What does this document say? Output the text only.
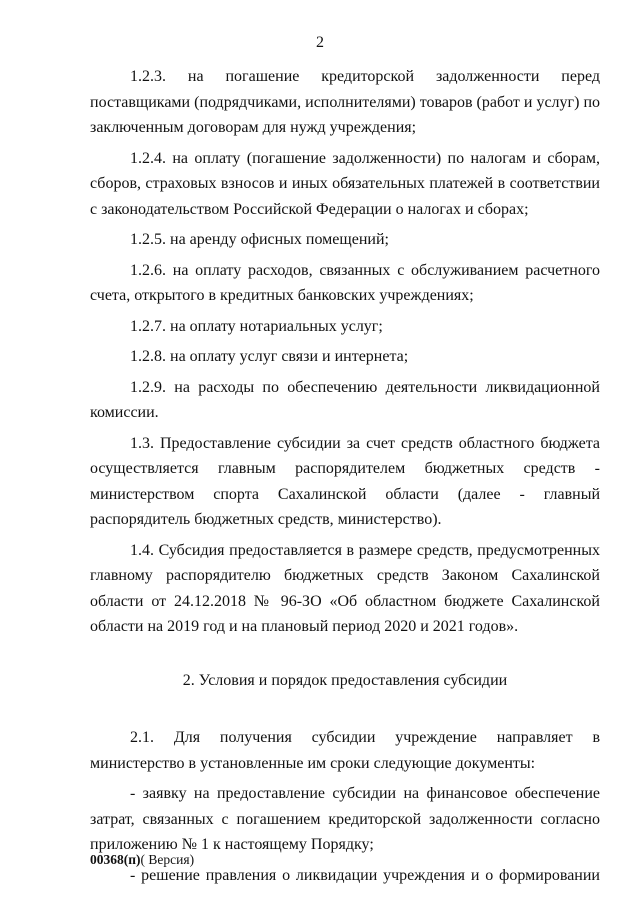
2

1.2.3. на погашение кредиторской задолженности перед поставщиками (подрядчиками, исполнителями) товаров (работ и услуг) по заключенным договорам для нужд учреждения;

1.2.4. на оплату (погашение задолженности) по налогам и сборам, сборов, страховых взносов и иных обязательных платежей в соответствии с законодательством Российской Федерации о налогах и сборах;

1.2.5. на аренду офисных помещений;

1.2.6. на оплату расходов, связанных с обслуживанием расчетного счета, открытого в кредитных банковских учреждениях;

1.2.7. на оплату нотариальных услуг;

1.2.8. на оплату услуг связи и интернета;

1.2.9. на расходы по обеспечению деятельности ликвидационной комиссии.

1.3. Предоставление субсидии за счет средств областного бюджета осуществляется главным распорядителем бюджетных средств - министерством спорта Сахалинской области (далее - главный распорядитель бюджетных средств, министерство).

1.4. Субсидия предоставляется в размере средств, предусмотренных главному распорядителю бюджетных средств Законом Сахалинской области от 24.12.2018 № 96-ЗО «Об областном бюджете Сахалинской области на 2019 год и на плановый период 2020 и 2021 годов».

2. Условия и порядок предоставления субсидии

2.1. Для получения субсидии учреждение направляет в министерство в установленные им сроки следующие документы:

- заявку на предоставление субсидии на финансовое обеспечение затрат, связанных с погашением кредиторской задолженности согласно приложению № 1 к настоящему Порядку;

- решение правления о ликвидации учреждения и о формировании

00368(п)( Версия)
